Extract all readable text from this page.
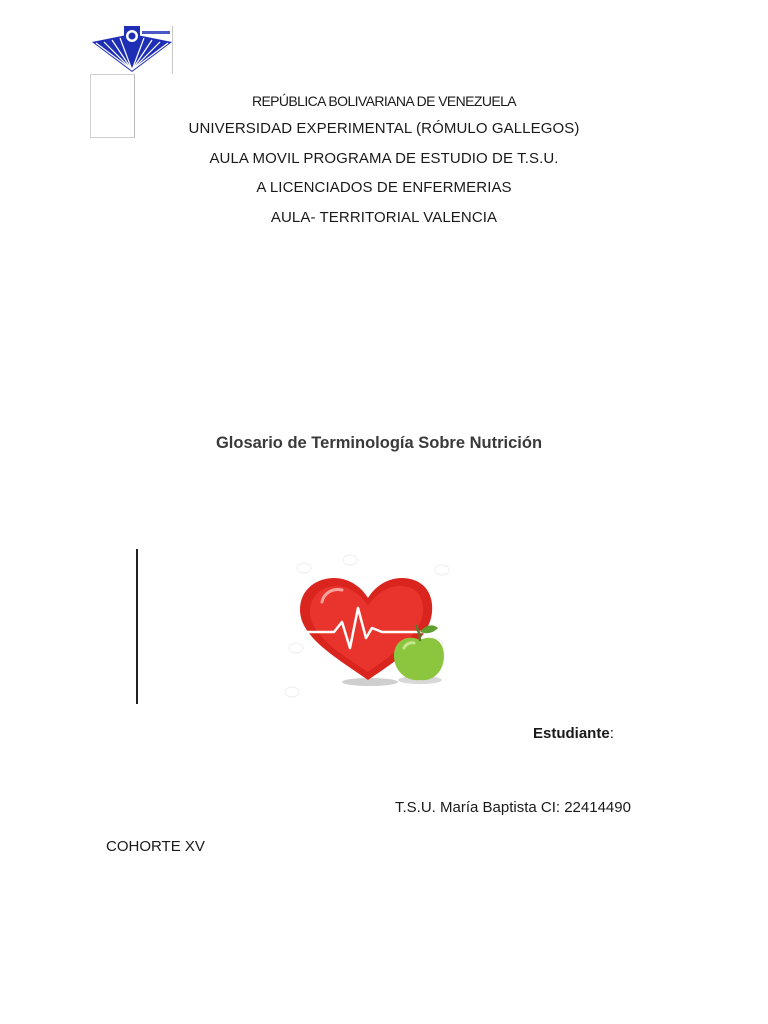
REPÚBLICA BOLIVARIANA DE VENEZUELA
UNIVERSIDAD EXPERIMENTAL (RÓMULO GALLEGOS)
AULA MOVIL PROGRAMA DE ESTUDIO DE T.S.U.
A LICENCIADOS DE ENFERMERIAS
AULA- TERRITORIAL VALENCIA
Glosario de Terminología Sobre Nutrición
Estudiante:
T.S.U. María Baptista CI: 22414490
COHORTE XV
